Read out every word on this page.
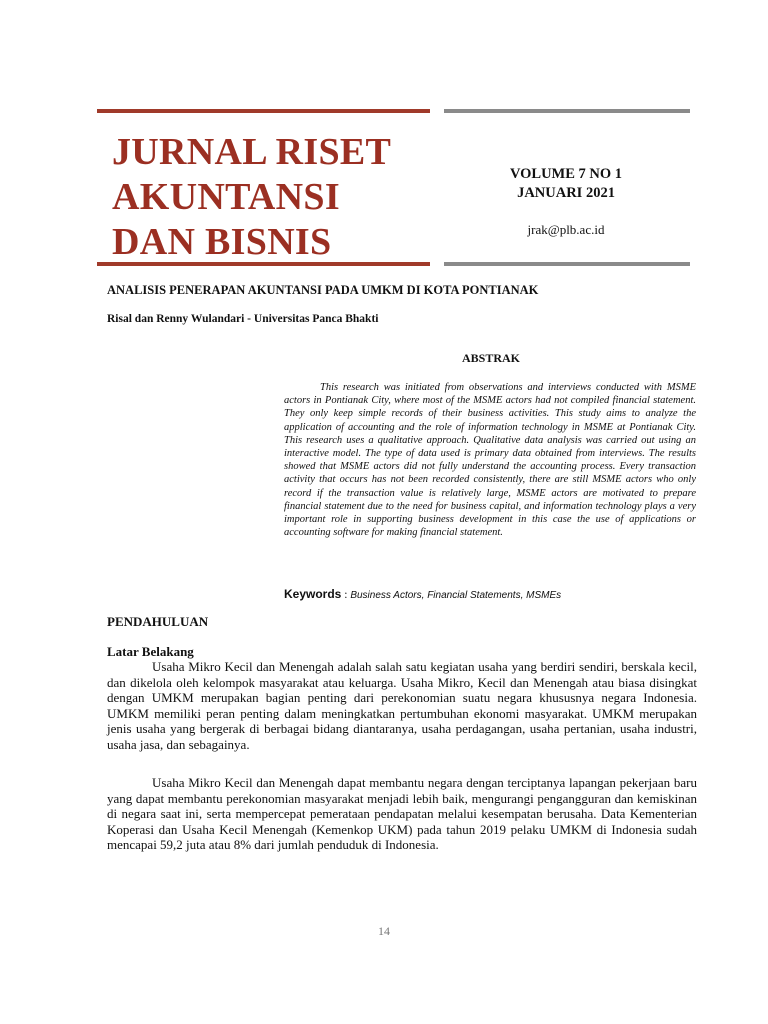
JURNAL RISET
AKUNTANSI
DAN BISNIS
VOLUME 7 NO 1
JANUARI 2021
jrak@plb.ac.id
ANALISIS PENERAPAN AKUNTANSI PADA UMKM DI KOTA PONTIANAK
Risal dan Renny Wulandari - Universitas Panca Bhakti
ABSTRAK

This research was initiated from observations and interviews conducted with MSME actors in Pontianak City, where most of the MSME actors had not compiled financial statement. They only keep simple records of their business activities. This study aims to analyze the application of accounting and the role of information technology in MSME at Pontianak City. This research uses a qualitative approach. Qualitative data analysis was carried out using an interactive model. The type of data used is primary data obtained from interviews. The results showed that MSME actors did not fully understand the accounting process. Every transaction activity that occurs has not been recorded consistently, there are still MSME actors who only record if the transaction value is relatively large, MSME actors are motivated to prepare financial statement due to the need for business capital, and information technology plays a very important role in supporting business development in this case the use of applications or accounting software for making financial statement.

Keywords : Business Actors, Financial Statements, MSMEs
PENDAHULUAN
Latar Belakang

Usaha Mikro Kecil dan Menengah adalah salah satu kegiatan usaha yang berdiri sendiri, berskala kecil, dan dikelola oleh kelompok masyarakat atau keluarga. Usaha Mikro, Kecil dan Menengah atau biasa disingkat dengan UMKM merupakan bagian penting dari perekonomian suatu negara khususnya negara Indonesia. UMKM memiliki peran penting dalam meningkatkan pertumbuhan ekonomi masyarakat. UMKM merupakan jenis usaha yang bergerak di berbagai bidang diantaranya, usaha perdagangan, usaha pertanian, usaha industri, usaha jasa, dan sebagainya.

Usaha Mikro Kecil dan Menengah dapat membantu negara dengan terciptanya lapangan pekerjaan baru yang dapat membantu perekonomian masyarakat menjadi lebih baik, mengurangi pengangguran dan kemiskinan di negara saat ini, serta mempercepat pemerataan pendapatan melalui kesempatan berusaha. Data Kementerian Koperasi dan Usaha Kecil Menengah (Kemenkop UKM) pada tahun 2019 pelaku UMKM di Indonesia sudah mencapai 59,2 juta atau 8% dari jumlah penduduk di Indonesia.

14
